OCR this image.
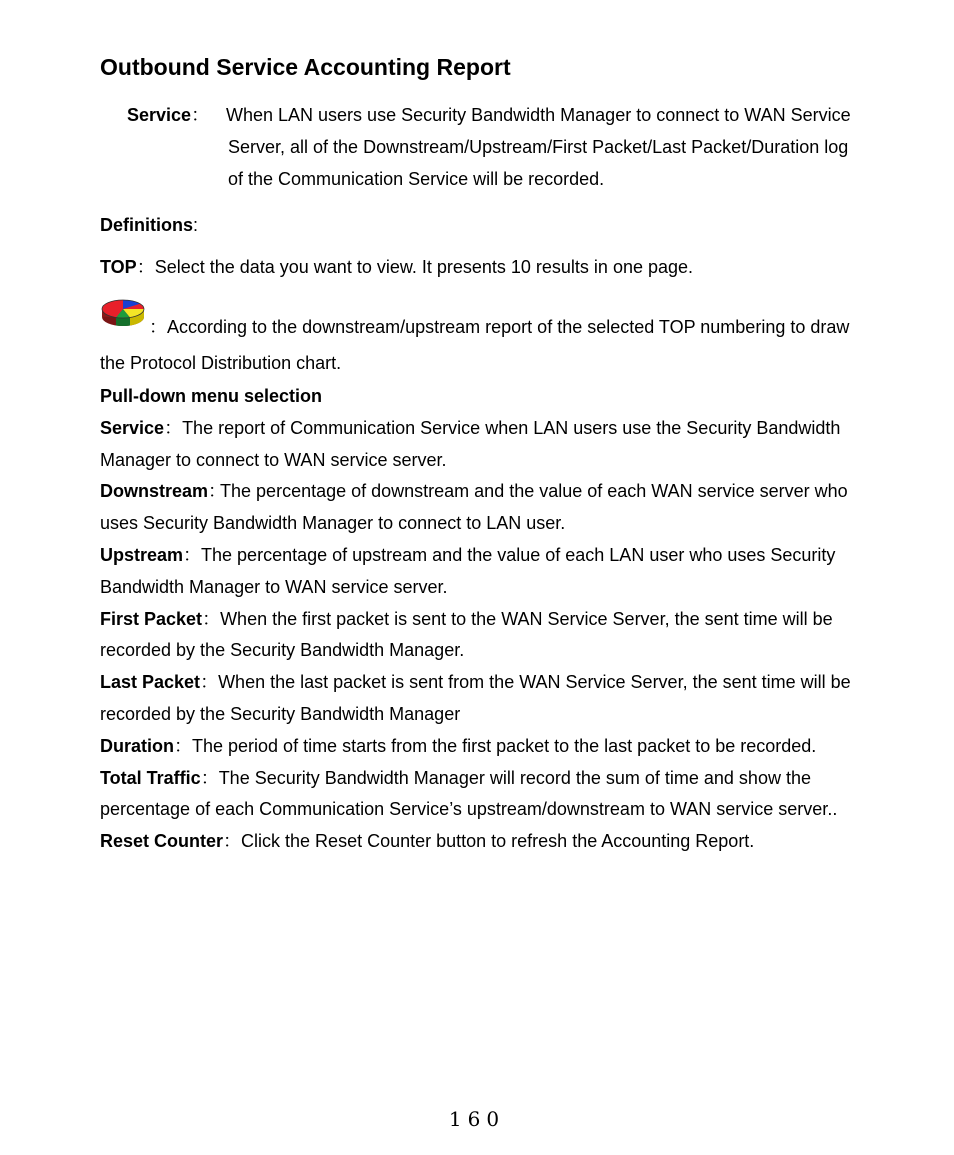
Outbound Service Accounting Report
Service： When LAN users use Security Bandwidth Manager to connect to WAN Service
Server, all of the Downstream/Upstream/First Packet/Last Packet/Duration log
of the Communication Service will be recorded.
Definitions:
TOP：Select the data you want to view. It presents 10 results in one page.
：According to the downstream/upstream report of the selected TOP numbering to draw
the Protocol Distribution chart.

Pull-down menu selection

Service：The report of Communication Service when LAN users use the Security Bandwidth
Manager to connect to WAN service server.

Downstream：The percentage of downstream and the value of each WAN service server who
uses Security Bandwidth Manager to connect to LAN user.

Upstream：The percentage of upstream and the value of each LAN user who uses Security
Bandwidth Manager to WAN service server.

First Packet：When the first packet is sent to the WAN Service Server, the sent time will be
recorded by the Security Bandwidth Manager.

Last Packet：When the last packet is sent from the WAN Service Server, the sent time will be
recorded by the Security Bandwidth Manager

Duration：The period of time starts from the first packet to the last packet to be recorded.

Total Traffic：The Security Bandwidth Manager will record the sum of time and show the
percentage of each Communication Service’s upstream/downstream to WAN service server..

Reset Counter：Click the Reset Counter button to refresh the Accounting Report.

160
